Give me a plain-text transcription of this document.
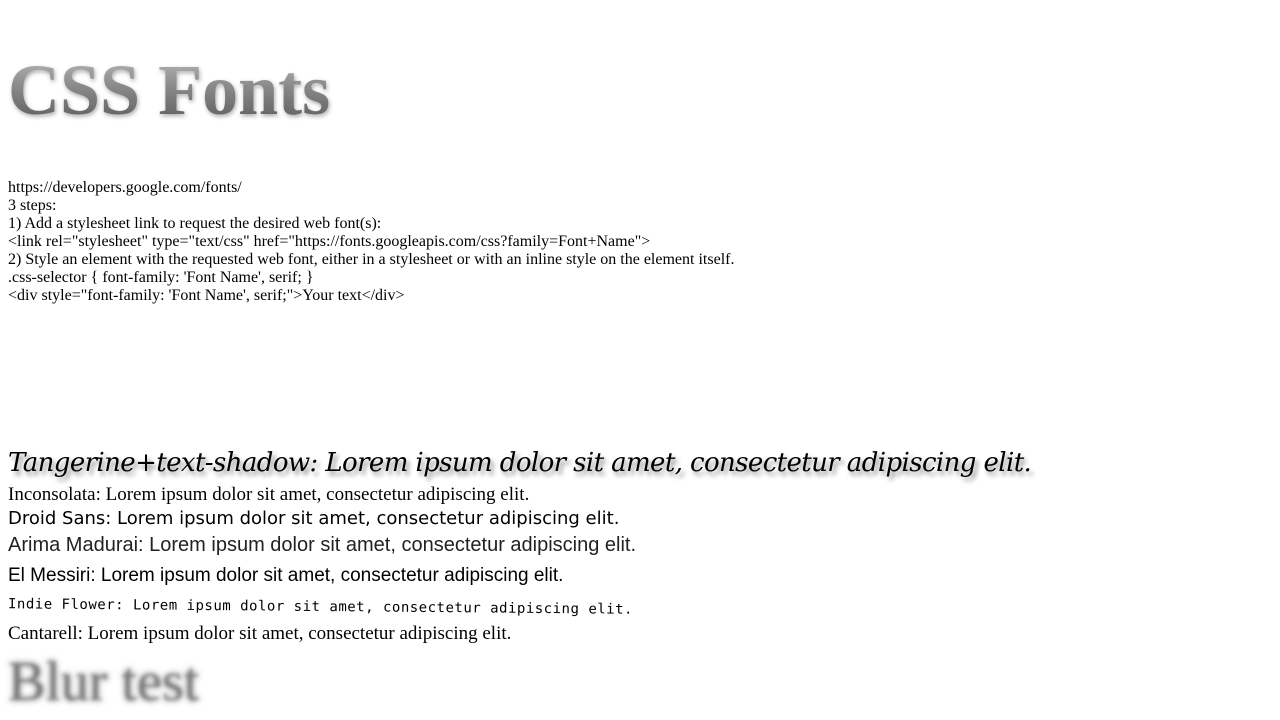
CSS Fonts
https://developers.google.com/fonts/
3 steps:
1) Add a stylesheet link to request the desired web font(s):
<link rel="stylesheet" type="text/css" href="https://fonts.googleapis.com/css?family=Font+Name">
2) Style an element with the requested web font, either in a stylesheet or with an inline style on the element itself.
.css-selector { font-family: 'Font Name', serif; }
<div style="font-family: 'Font Name', serif;">Your text</div>
Tangerine+text-shadow: Lorem ipsum dolor sit amet, consectetur adipiscing elit.
Inconsolata: Lorem ipsum dolor sit amet, consectetur adipiscing elit.
Droid Sans: Lorem ipsum dolor sit amet, consectetur adipiscing elit.
Arima Madurai: Lorem ipsum dolor sit amet, consectetur adipiscing elit.
El Messiri: Lorem ipsum dolor sit amet, consectetur adipiscing elit.
Indie Flower: Lorem ipsum dolor sit amet, consectetur adipiscing elit.
Cantarell: Lorem ipsum dolor sit amet, consectetur adipiscing elit.
Blur test
